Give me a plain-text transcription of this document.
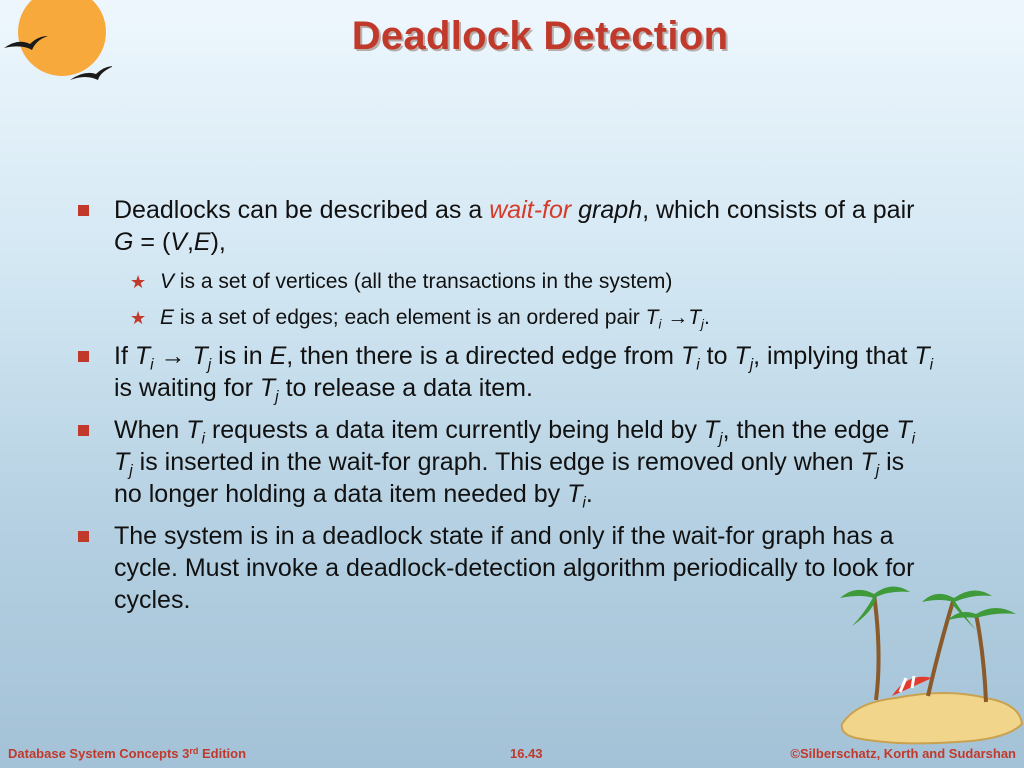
Deadlock Detection
Deadlocks can be described as a wait-for graph, which consists of a pair G = (V,E),
★ V is a set of vertices (all the transactions in the system)
★ E is a set of edges; each element is an ordered pair $T_i \to T_j$.
If $T_i \to T_j$ is in E, then there is a directed edge from $T_i$ to $T_j$, implying that $T_i$ is waiting for $T_j$ to release a data item.
When $T_i$ requests a data item currently being held by $T_j$, then the edge $T_i$ $T_j$ is inserted in the wait-for graph. This edge is removed only when $T_j$ is no longer holding a data item needed by $T_i$.
The system is in a deadlock state if and only if the wait-for graph has a cycle. Must invoke a deadlock-detection algorithm periodically to look for cycles.
Database System Concepts 3rd Edition	16.43	©Silberschatz, Korth and Sudarshan
